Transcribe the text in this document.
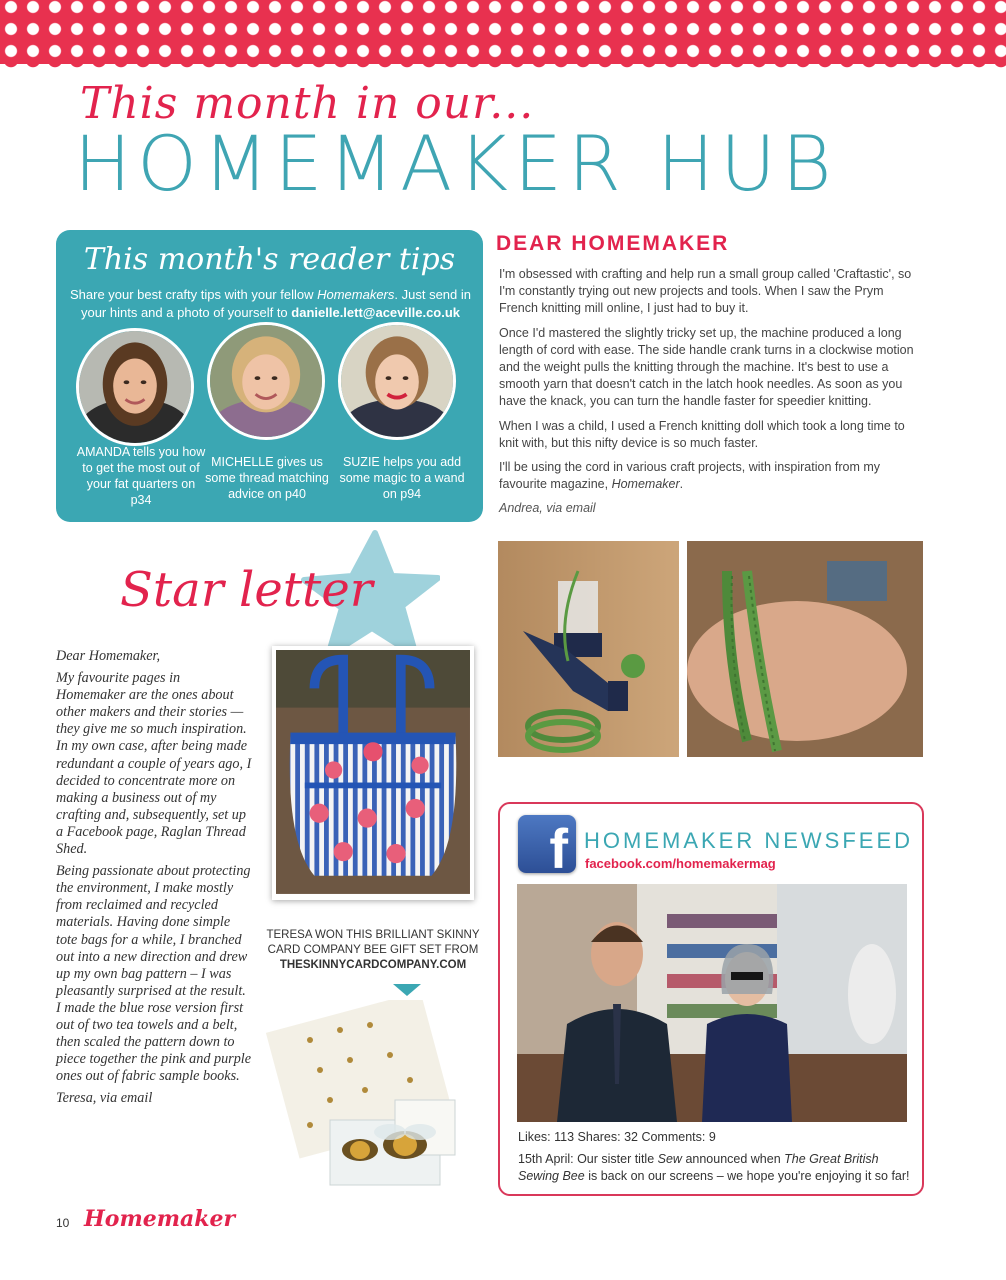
This month in our...
HOMEMAKER HUB
This month's reader tips
Share your best crafty tips with your fellow Homemakers. Just send in your hints and a photo of yourself to danielle.lett@aceville.co.uk
AMANDA tells you how to get the most out of your fat quarters on p34
MICHELLE gives us some thread matching advice on p40
SUZIE helps you add some magic to a wand on p94
DEAR HOMEMAKER

I'm obsessed with crafting and help run a small group called 'Craftastic', so I'm constantly trying out new projects and tools. When I saw the Prym French knitting mill online, I just had to buy it.

Once I'd mastered the slightly tricky set up, the machine produced a long length of cord with ease. The side handle crank turns in a clockwise motion and the weight pulls the knitting through the machine. It's best to use a smooth yarn that doesn't catch in the latch hook needles. As soon as you have the knack, you can turn the handle faster for speedier knitting.

When I was a child, I used a French knitting doll which took a long time to knit with, but this nifty device is so much faster.

I'll be using the cord in various craft projects, with inspiration from my favourite magazine, Homemaker.

Andrea, via email

Star letter

Dear Homemaker,

My favourite pages in Homemaker are the ones about other makers and their stories — they give me so much inspiration. In my own case, after being made redundant a couple of years ago, I decided to concentrate more on making a business out of my crafting and, subsequently, set up a Facebook page, Raglan Thread Shed.

Being passionate about protecting the environment, I make mostly from reclaimed and recycled materials. Having done simple tote bags for a while, I branched out into a new direction and drew up my own bag pattern – I was pleasantly surprised at the result. I made the blue rose version first out of two tea towels and a belt, then scaled the pattern down to piece together the pink and purple ones out of fabric sample books.

Teresa, via email

TERESA WON THIS BRILLIANT SKINNY CARD COMPANY BEE GIFT SET FROM
THESKINNYCARDCOMPANY.COM
f HOMEMAKER NEWSFEED
facebook.com/homemakermag
Likes: 113 Shares: 32 Comments: 9
15th April: Our sister title Sew announced when The Great British Sewing Bee is back on our screens – we hope you're enjoying it so far!
10 Homemaker
